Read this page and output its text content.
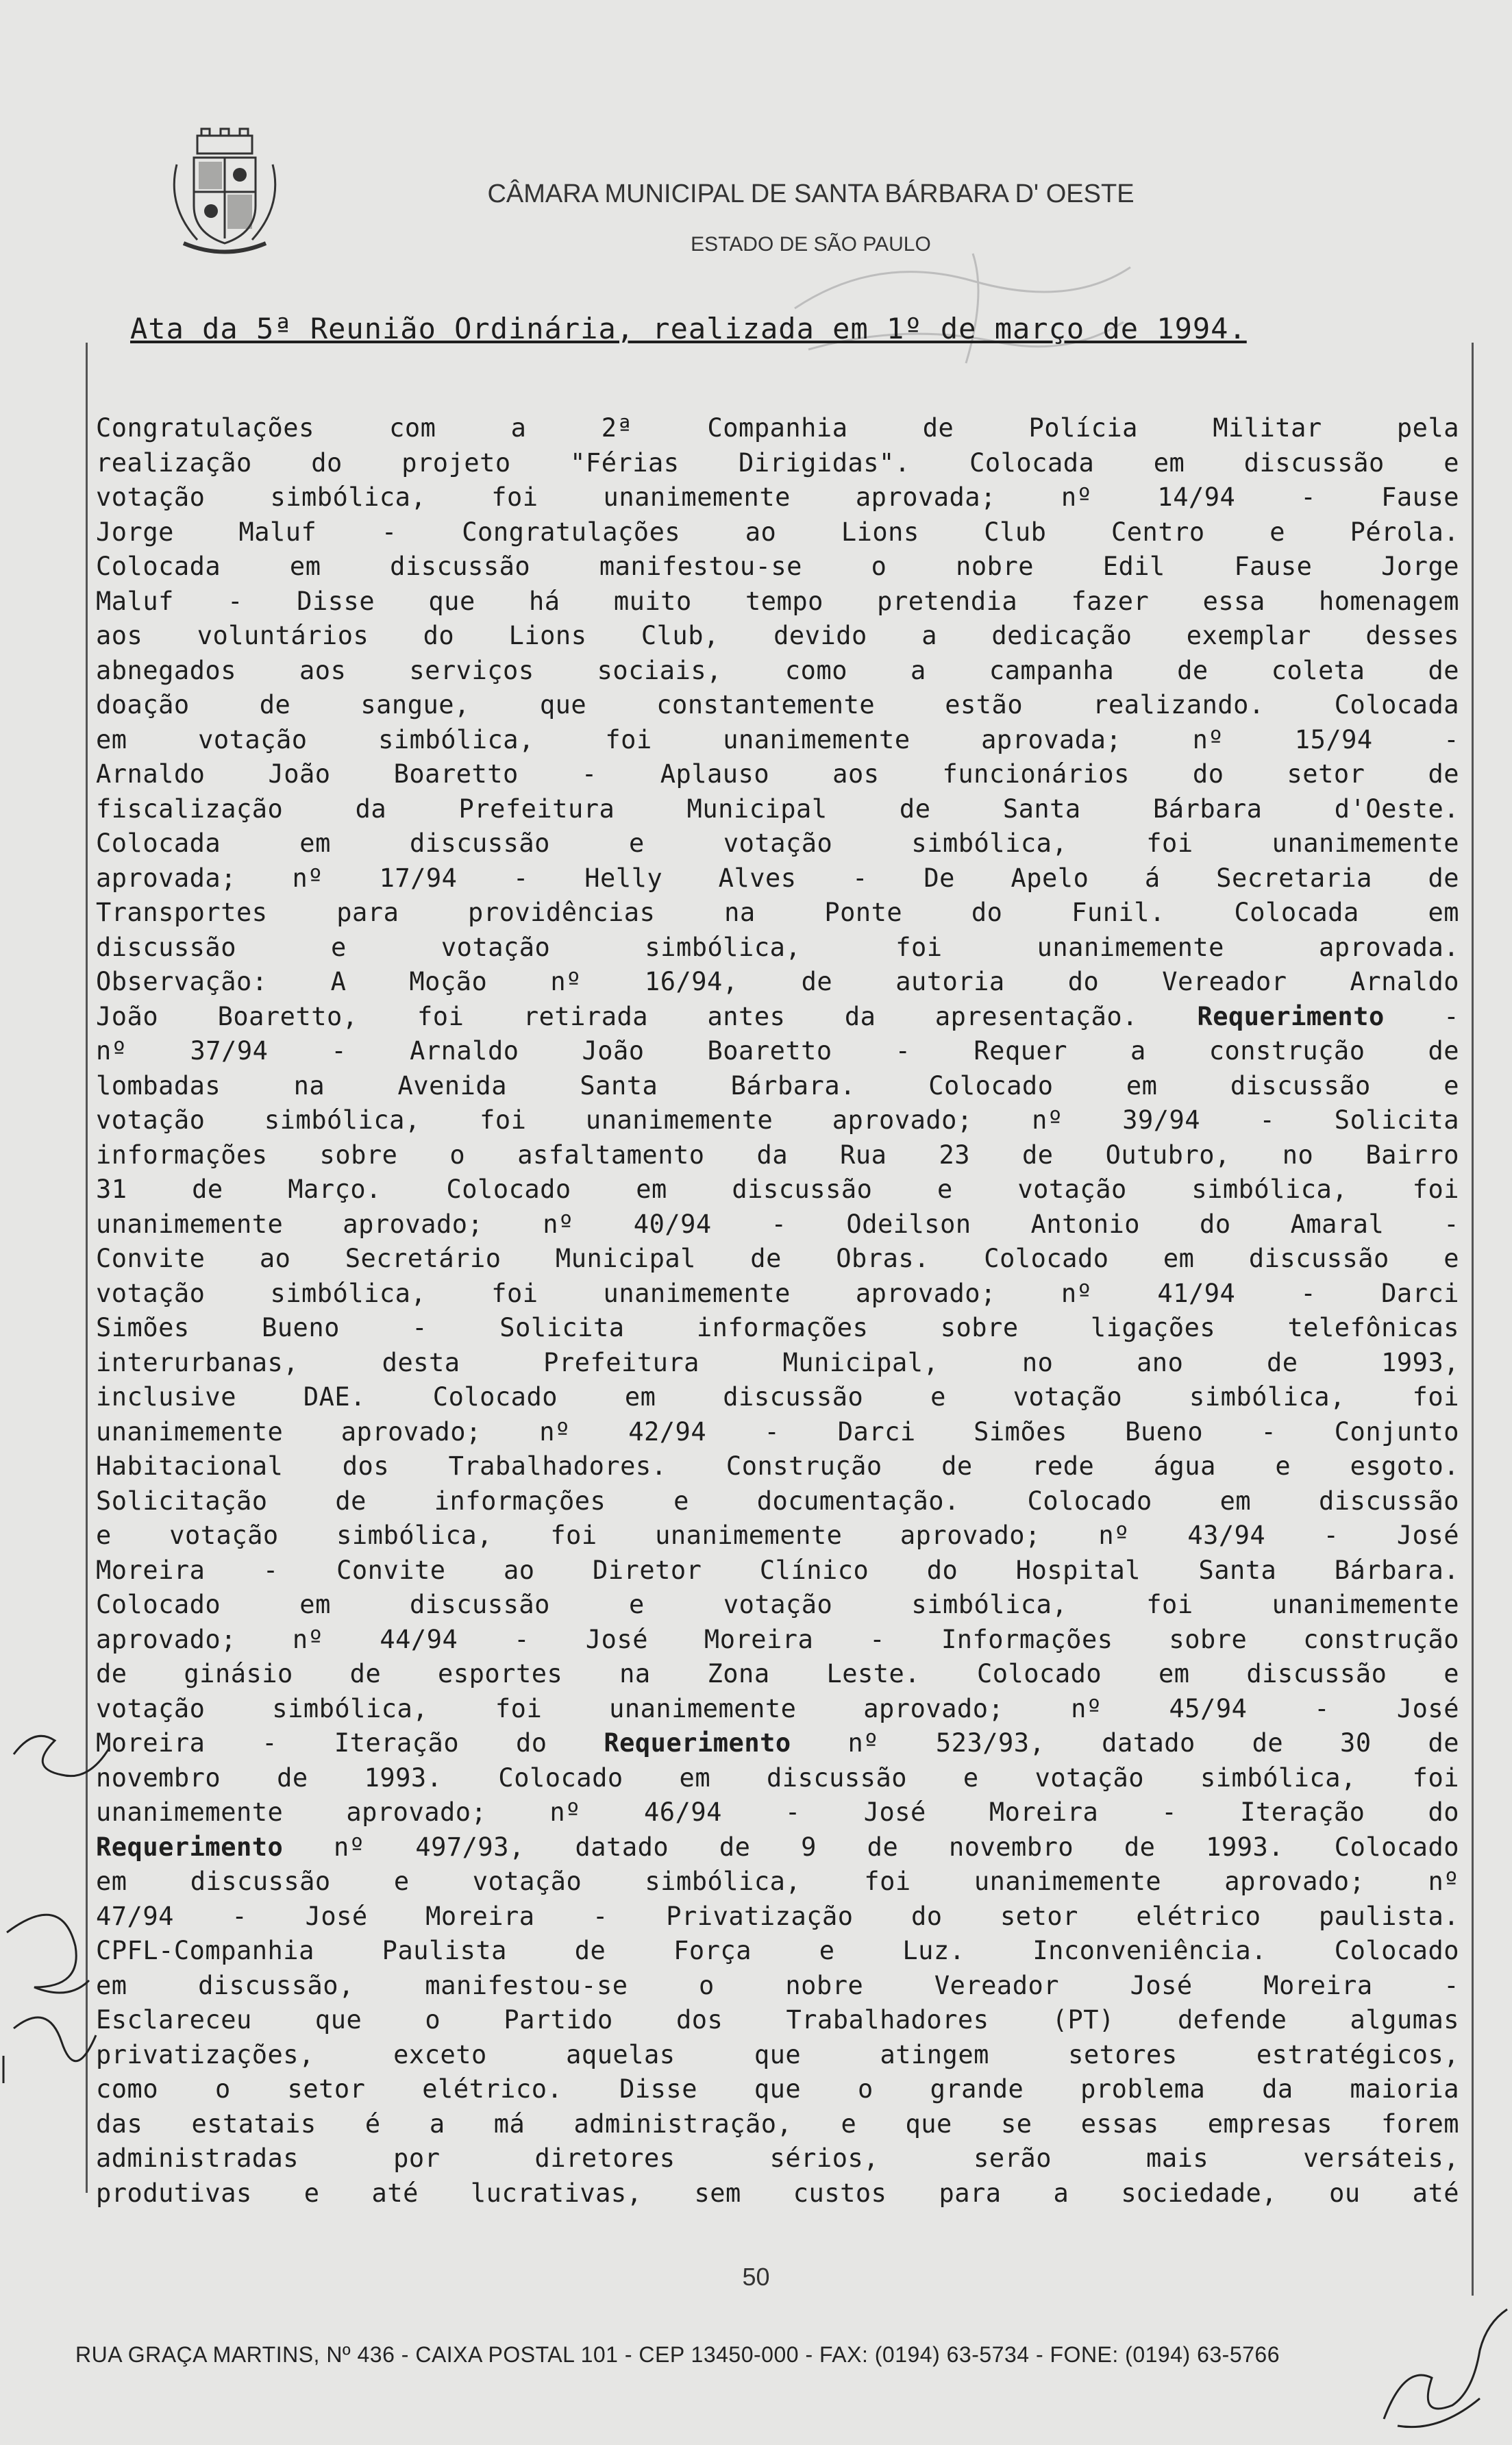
CÂMARA MUNICIPAL DE SANTA BÁRBARA D' OESTE
ESTADO DE SÃO PAULO
Ata da 5ª Reunião Ordinária, realizada em 1º de março de 1994.
Congratulações com a 2ª Companhia de Polícia Militar pela
realização do projeto "Férias Dirigidas". Colocada em discussão e
votação simbólica, foi unanimemente aprovada; nº 14/94 - Fause
Jorge Maluf - Congratulações ao Lions Club Centro e Pérola.
Colocada em discussão manifestou-se o nobre Edil Fause Jorge
Maluf - Disse que há muito tempo pretendia fazer essa homenagem
aos voluntários do Lions Club, devido a dedicação exemplar desses
abnegados aos serviços sociais, como a campanha de coleta de
doação de sangue, que constantemente estão realizando. Colocada
em votação simbólica, foi unanimemente aprovada; nº 15/94 -
Arnaldo João Boaretto - Aplauso aos funcionários do setor de
fiscalização da Prefeitura Municipal de Santa Bárbara d'Oeste.
Colocada em discussão e votação simbólica, foi unanimemente
aprovada; nº 17/94 - Helly Alves - De Apelo á Secretaria de
Transportes para providências na Ponte do Funil. Colocada em
discussão e votação simbólica, foi unanimemente aprovada.
Observação: A Moção nº 16/94, de autoria do Vereador Arnaldo
João Boaretto, foi retirada antes da apresentação. Requerimento -
nº 37/94 - Arnaldo João Boaretto - Requer a construção de
lombadas na Avenida Santa Bárbara. Colocado em discussão e
votação simbólica, foi unanimemente aprovado; nº 39/94 - Solicita
informações sobre o asfaltamento da Rua 23 de Outubro, no Bairro
31 de Março. Colocado em discussão e votação simbólica, foi
unanimemente aprovado; nº 40/94 - Odeilson Antonio do Amaral -
Convite ao Secretário Municipal de Obras. Colocado em discussão e
votação simbólica, foi unanimemente aprovado; nº 41/94 - Darci
Simões Bueno - Solicita informações sobre ligações telefônicas
interurbanas, desta Prefeitura Municipal, no ano de 1993,
inclusive DAE. Colocado em discussão e votação simbólica, foi
unanimemente aprovado; nº 42/94 - Darci Simões Bueno - Conjunto
Habitacional dos Trabalhadores. Construção de rede água e esgoto.
Solicitação de informações e documentação. Colocado em discussão
e votação simbólica, foi unanimemente aprovado; nº 43/94 - José
Moreira - Convite ao Diretor Clínico do Hospital Santa Bárbara.
Colocado em discussão e votação simbólica, foi unanimemente
aprovado; nº 44/94 - José Moreira - Informações sobre construção
de ginásio de esportes na Zona Leste. Colocado em discussão e
votação simbólica, foi unanimemente aprovado; nº 45/94 - José
Moreira - Iteração do Requerimento nº 523/93, datado de 30 de
novembro de 1993. Colocado em discussão e votação simbólica, foi
unanimemente aprovado; nº 46/94 - José Moreira - Iteração do
Requerimento nº 497/93, datado de 9 de novembro de 1993. Colocado
em discussão e votação simbólica, foi unanimemente aprovado; nº
47/94 - José Moreira - Privatização do setor elétrico paulista.
CPFL-Companhia Paulista de Força e Luz. Inconveniência. Colocado
em discussão, manifestou-se o nobre Vereador José Moreira -
Esclareceu que o Partido dos Trabalhadores (PT) defende algumas
privatizações, exceto aquelas que atingem setores estratégicos,
como o setor elétrico. Disse que o grande problema da maioria
das estatais é a má administração, e que se essas empresas forem
administradas por diretores sérios, serão mais versáteis,
produtivas e até lucrativas, sem custos para a sociedade, ou até
50
RUA GRAÇA MARTINS, Nº 436 - CAIXA POSTAL 101 - CEP 13450-000 - FAX: (0194) 63-5734 - FONE: (0194) 63-5766
